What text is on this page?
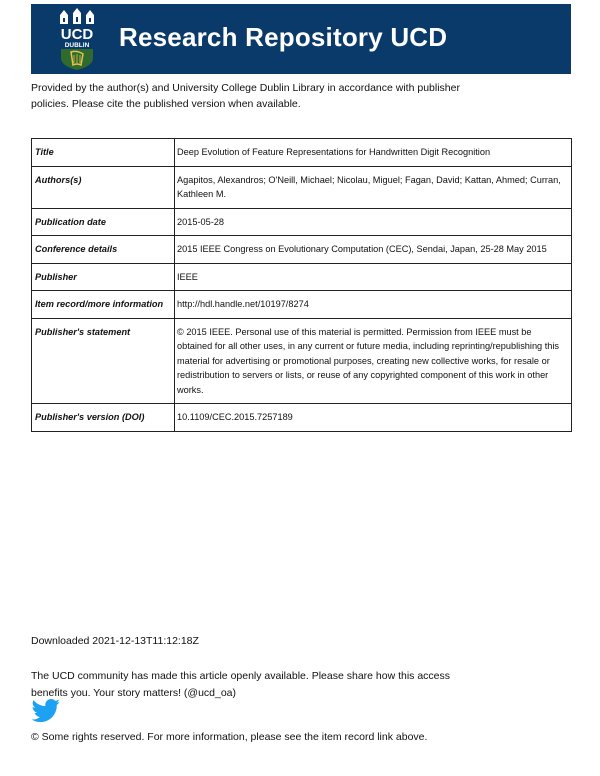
UCD
DUBLIN Research Repository UCD
Provided by the author(s) and University College Dublin Library in accordance with publisher policies. Please cite the published version when available.
Title	Deep Evolution of Feature Representations for Handwritten Digit Recognition
Authors(s)	Agapitos, Alexandros; O'Neill, Michael; Nicolau, Miguel; Fagan, David; Kattan, Ahmed; Curran, Kathleen M.
Publication date	2015-05-28
Conference details	2015 IEEE Congress on Evolutionary Computation (CEC), Sendai, Japan, 25-28 May 2015
Publisher	IEEE
Item record/more information	http://hdl.handle.net/10197/8274
Publisher's statement	© 2015 IEEE. Personal use of this material is permitted. Permission from IEEE must be obtained for all other uses, in any current or future media, including reprinting/republishing this material for advertising or promotional purposes, creating new collective works, for resale or redistribution to servers or lists, or reuse of any copyrighted component of this work in other works.
Publisher's version (DOI)	10.1109/CEC.2015.7257189
Downloaded 2021-12-13T11:12:18Z
The UCD community has made this article openly available. Please share how this access benefits you. Your story matters! (@ucd_oa)
© Some rights reserved. For more information, please see the item record link above.
